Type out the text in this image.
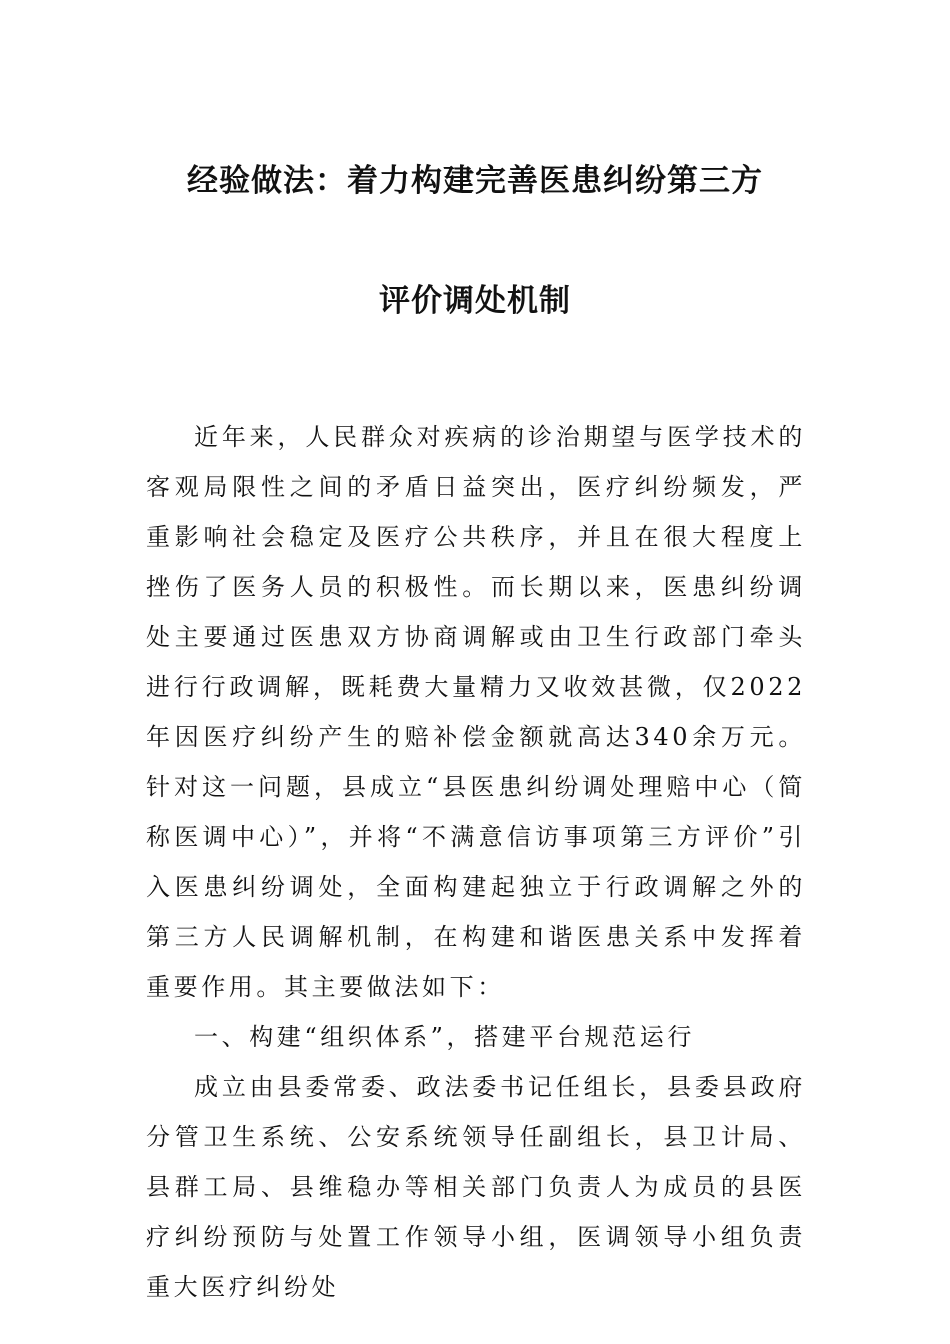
经验做法：着力构建完善医患纠纷第三方
评价调处机制

近年来，人民群众对疾病的诊治期望与医学技术的客观局限性之间的矛盾日益突出，医疗纠纷频发，严重影响社会稳定及医疗公共秩序，并且在很大程度上挫伤了医务人员的积极性。而长期以来，医患纠纷调处主要通过医患双方协商调解或由卫生行政部门牵头进行行政调解，既耗费大量精力又收效甚微，仅2022年因医疗纠纷产生的赔补偿金额就高达340余万元。针对这一问题，县成立“县医患纠纷调处理赔中心（简称医调中心）”，并将“不满意信访事项第三方评价”引入医患纠纷调处，全面构建起独立于行政调解之外的第三方人民调解机制，在构建和谐医患关系中发挥着重要作用。其主要做法如下：

一、构建“组织体系”，搭建平台规范运行

成立由县委常委、政法委书记任组长，县委县政府分管卫生系统、公安系统领导任副组长，县卫计局、县群工局、县维稳办等相关部门负责人为成员的县医疗纠纷预防与处置工作领导小组，医调领导小组负责重大医疗纠纷处
